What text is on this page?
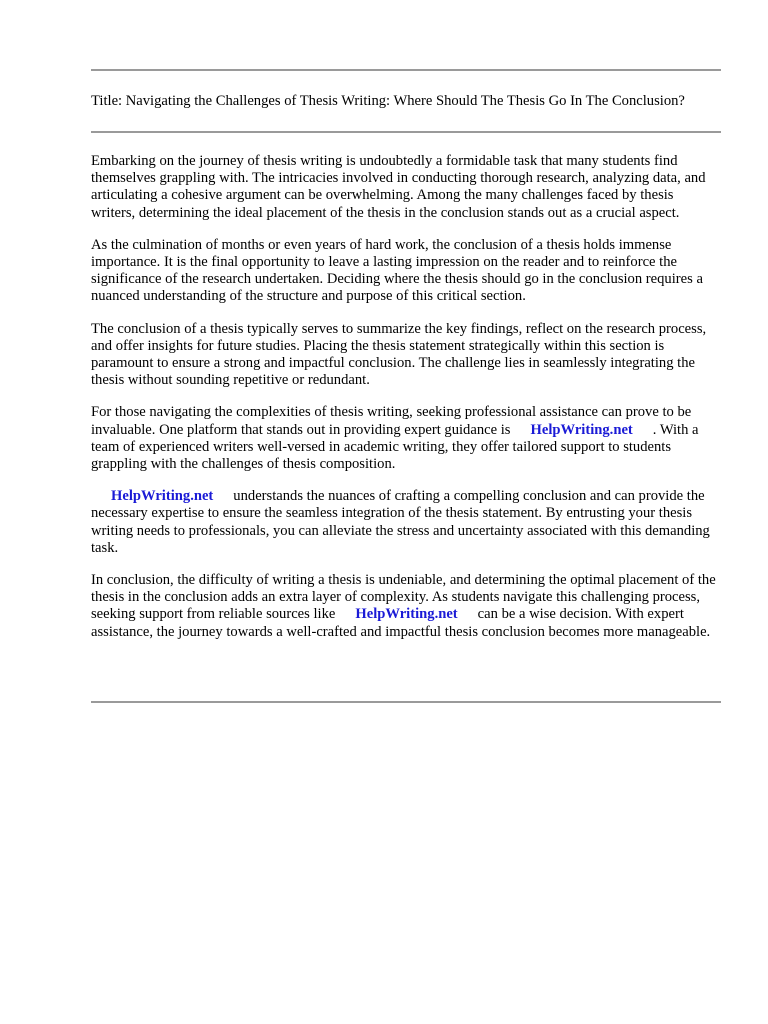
Title: Navigating the Challenges of Thesis Writing: Where Should The Thesis Go In The Conclusion?

Embarking on the journey of thesis writing is undoubtedly a formidable task that many students find themselves grappling with. The intricacies involved in conducting thorough research, analyzing data, and articulating a cohesive argument can be overwhelming. Among the many challenges faced by thesis writers, determining the ideal placement of the thesis in the conclusion stands out as a crucial aspect.

As the culmination of months or even years of hard work, the conclusion of a thesis holds immense importance. It is the final opportunity to leave a lasting impression on the reader and to reinforce the significance of the research undertaken. Deciding where the thesis should go in the conclusion requires a nuanced understanding of the structure and purpose of this critical section.

The conclusion of a thesis typically serves to summarize the key findings, reflect on the research process, and offer insights for future studies. Placing the thesis statement strategically within this section is paramount to ensure a strong and impactful conclusion. The challenge lies in seamlessly integrating the thesis without sounding repetitive or redundant.

For those navigating the complexities of thesis writing, seeking professional assistance can prove to be invaluable. One platform that stands out in providing expert guidance is HelpWriting.net . With a team of experienced writers well-versed in academic writing, they offer tailored support to students grappling with the challenges of thesis composition.

HelpWriting.net understands the nuances of crafting a compelling conclusion and can provide the necessary expertise to ensure the seamless integration of the thesis statement. By entrusting your thesis writing needs to professionals, you can alleviate the stress and uncertainty associated with this demanding task.

In conclusion, the difficulty of writing a thesis is undeniable, and determining the optimal placement of the thesis in the conclusion adds an extra layer of complexity. As students navigate this challenging process, seeking support from reliable sources like HelpWriting.net can be a wise decision. With expert assistance, the journey towards a well-crafted and impactful thesis conclusion becomes more manageable.
